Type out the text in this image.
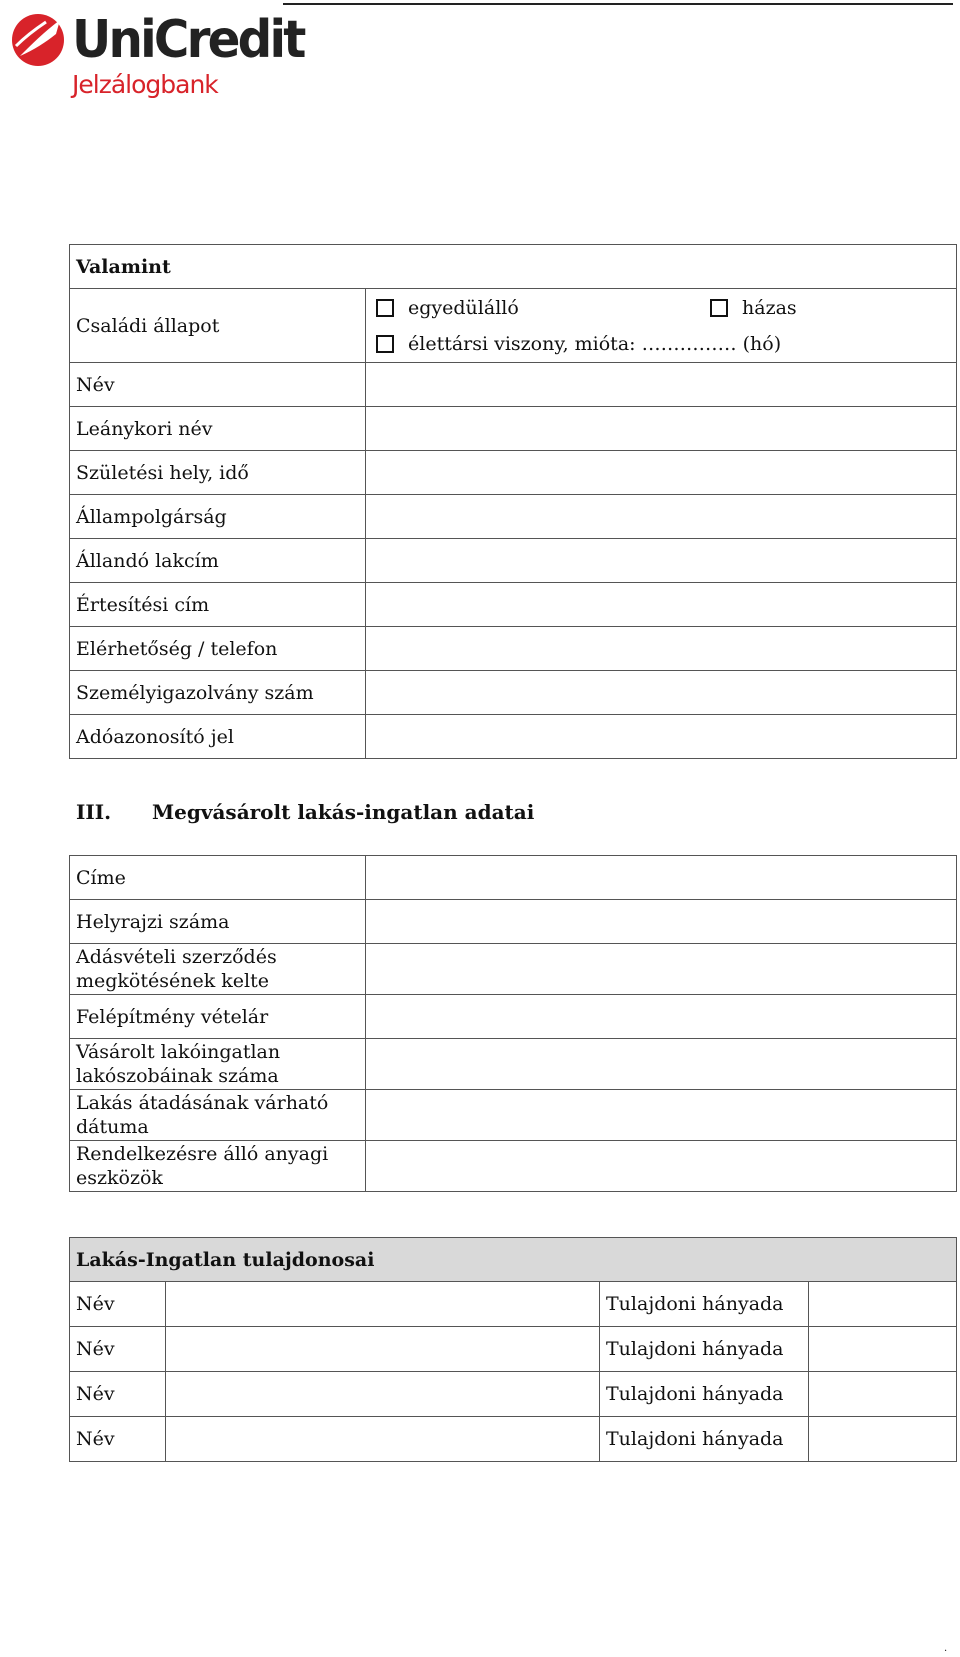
UniCredit
Jelzálogbank
Valamint	
Családi állapot	egyedülálló házas
élettársi viszony, mióta: …………… (hó)

Név	
Leánykori név	
Születési hely, idő	
Állampolgárság	
Állandó lakcím	
Értesítési cím	
Elérhetőség / telefon	
Személyigazolvány szám	
Adóazonosító jel	
III. Megvásárolt lakás-ingatlan adatai
Címe	
Helyrajzi száma	
Adásvételi szerződés megkötésének kelte	
Felépítmény vételár	
Vásárolt lakóingatlan lakószobáinak száma	
Lakás átadásának várható dátuma	
Rendelkezésre álló anyagi eszközök	
Lakás-Ingatlan tulajdonosai			
Név		Tulajdoni hányada	
Név		Tulajdoni hányada	
Név		Tulajdoni hányada	
Név		Tulajdoni hányada	
.
